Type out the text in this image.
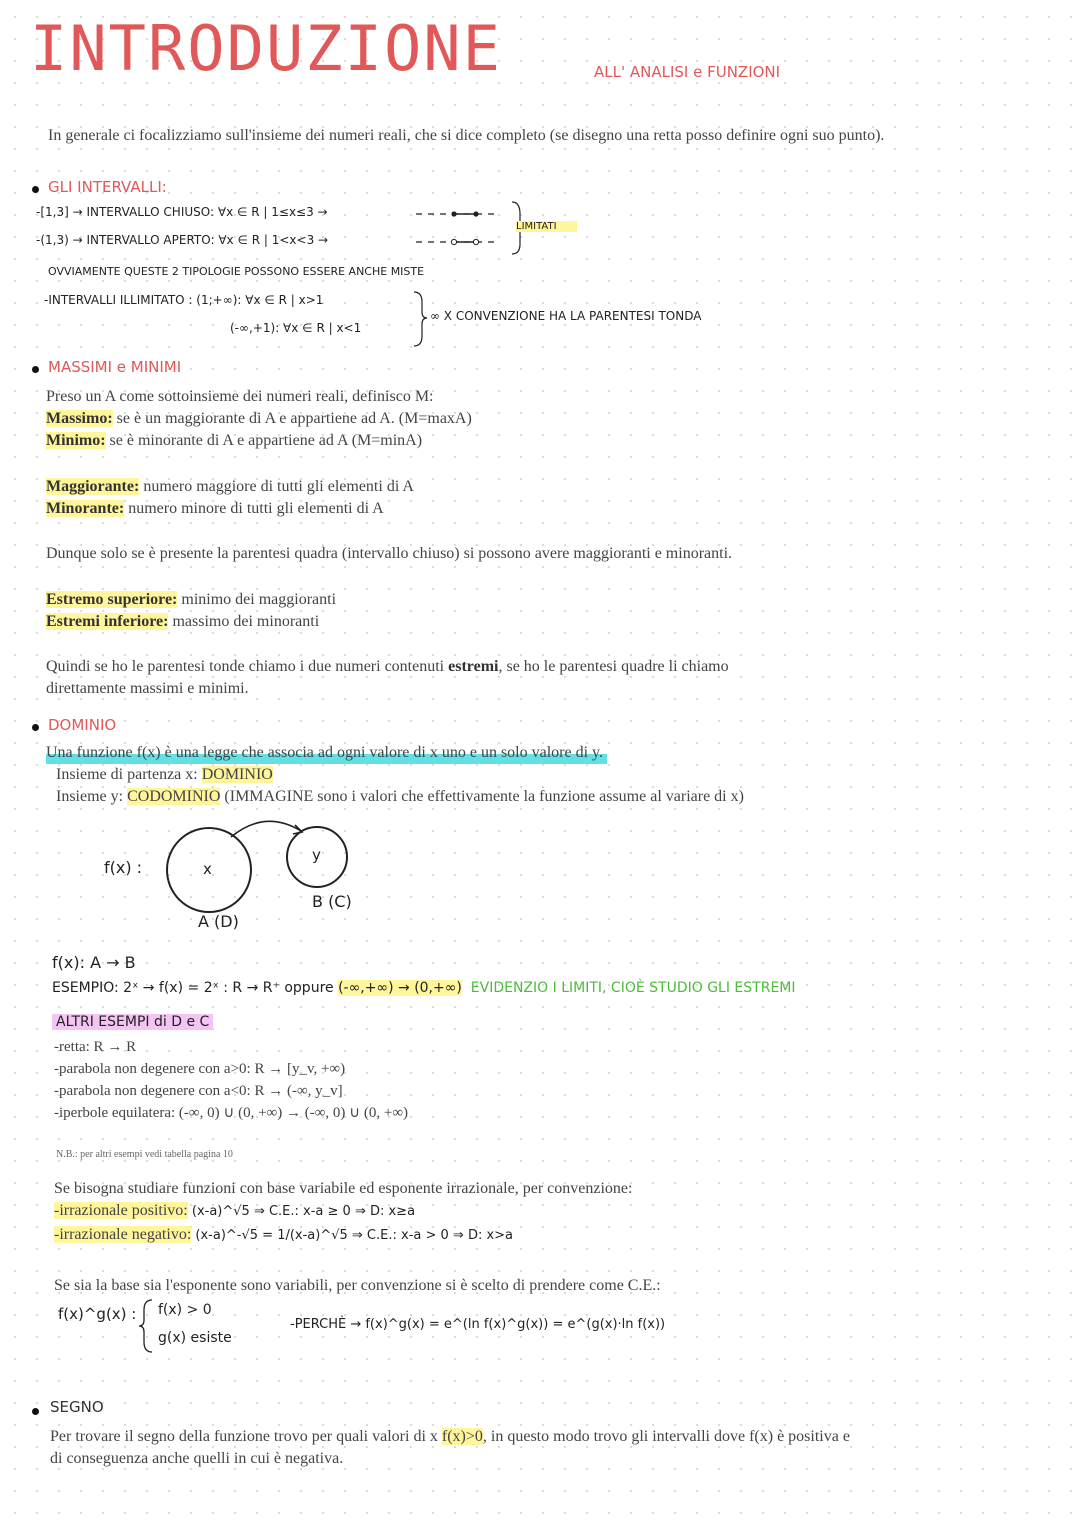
INTRODUZIONE	ALL' ANALISI e FUNZIONI
In generale ci focalizziamo sull'insieme dei numeri reali, che si dice completo (se disegno una retta posso definire ogni suo punto).
GLI INTERVALLI:
-[1,3] → INTERVALLO CHIUSO: ∀x ∈ R | 1≤x≤3 →
-(1,3) → INTERVALLO APERTO: ∀x ∈ R | 1<x<3 →
LIMITATI
OVVIAMENTE QUESTE 2 TIPOLOGIE POSSONO ESSERE ANCHE MISTE
-INTERVALLI ILLIMITATO : (1;+∞): ∀x ∈ R | x>1
(-∞,+1): ∀x ∈ R | x<1
∞ X CONVENZIONE HA LA PARENTESI TONDA
MASSIMI e MINIMI
Preso un A come sottoinsieme dei numeri reali, definisco M:
Massimo: se è un maggiorante di A e appartiene ad A. (M=maxA)
Minimo: se è minorante di A e appartiene ad A (M=minA)
Maggiorante: numero maggiore di tutti gli elementi di A
Minorante: numero minore di tutti gli elementi di A
Dunque solo se è presente la parentesi quadra (intervallo chiuso) si possono avere maggioranti e minoranti.
Estremo superiore: minimo dei maggioranti
Estremi inferiore: massimo dei minoranti
Quindi se ho le parentesi tonde chiamo i due numeri contenuti estremi, se ho le parentesi quadre li chiamo
direttamente massimi e minimi.
DOMINIO
Una funzione f(x) è una legge che associa ad ogni valore di x uno e un solo valore di y.
Insieme di partenza x: DOMINIO
Insieme y: CODOMINIO (IMMAGINE sono i valori che effettivamente la funzione assume al variare di x)
f(x) :	x
y
A (D)
B (C)
f(x): A → B
ESEMPIO: 2ˣ → f(x) = 2ˣ : R → R⁺ oppure (-∞,+∞) → (0,+∞) EVIDENZIO I LIMITI, CIOÈ STUDIO GLI ESTREMI
ALTRI ESEMPI di D e C
-retta: R → R
-parabola non degenere con a>0: R → [y_v, +∞)
-parabola non degenere con a<0: R → (-∞, y_v]
-iperbole equilatera: (-∞, 0) ∪ (0, +∞) → (-∞, 0) ∪ (0, +∞)
N.B.: per altri esempi vedi tabella pagina 10
Se bisogna studiare funzioni con base variabile ed esponente irrazionale, per convenzione:
-irrazionale positivo: (x-a)^√5 ⇒ C.E.: x-a ≥ 0 ⇒ D: x≥a
-irrazionale negativo: (x-a)^-√5 = 1/(x-a)^√5 ⇒ C.E.: x-a > 0 ⇒ D: x>a
Se sia la base sia l'esponente sono variabili, per convenzione si è scelto di prendere come C.E.:
f(x)^g(x) : f(x) > 0
g(x) esiste
-PERCHÈ → f(x)^g(x) = e^(ln f(x)^g(x)) = e^(g(x)·ln f(x))
SEGNO
Per trovare il segno della funzione trovo per quali valori di x f(x)>0, in questo modo trovo gli intervalli dove f(x) è positiva e
di conseguenza anche quelli in cui è negativa.
